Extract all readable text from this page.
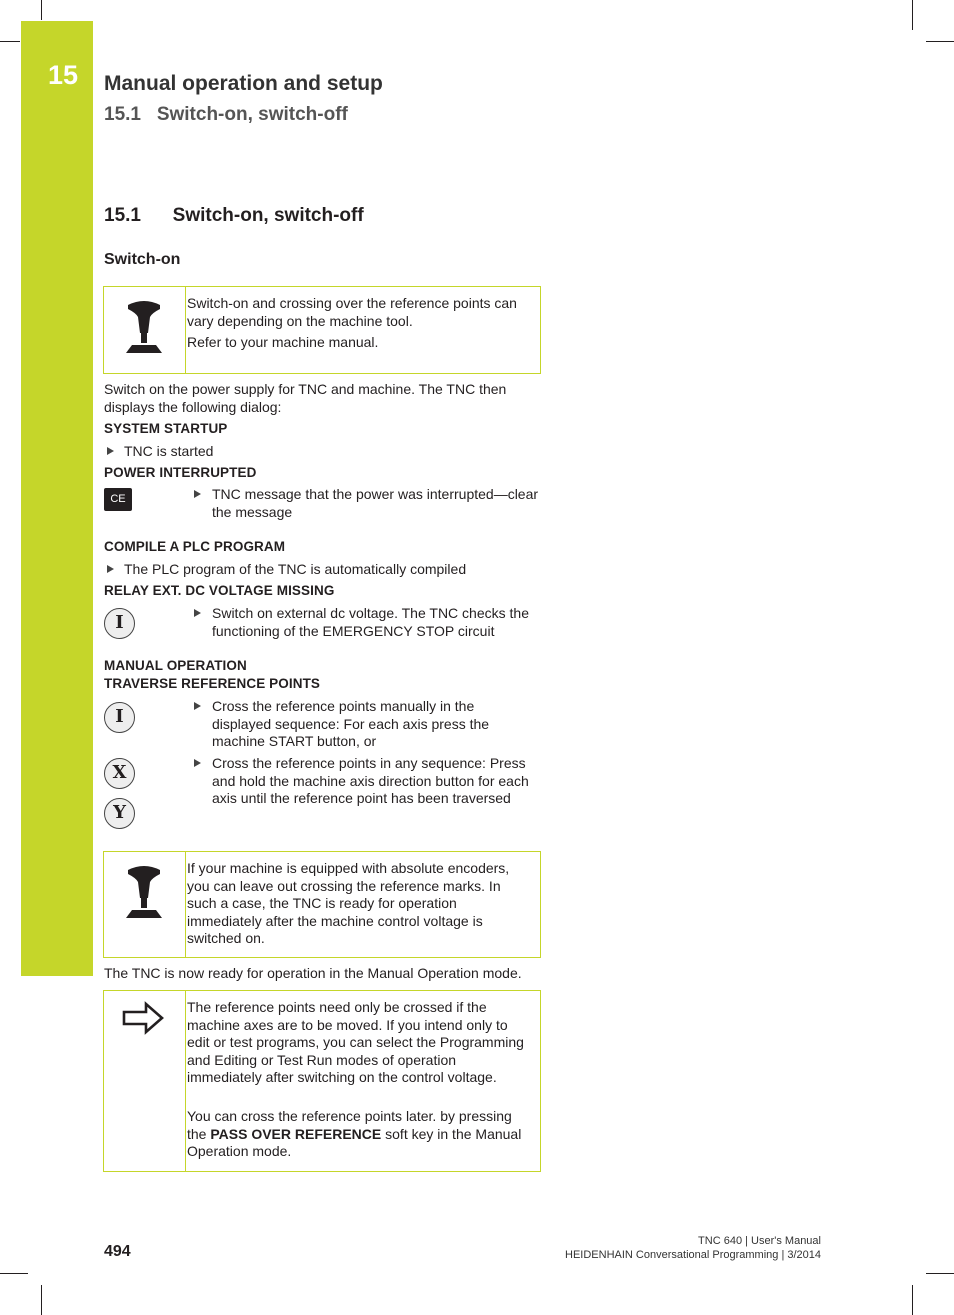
15 Manual operation and setup
15.1   Switch-on, switch-off
15.1      Switch-on, switch-off
Switch-on
Switch-on and crossing over the reference points can vary depending on the machine tool.
Refer to your machine manual.
Switch on the power supply for TNC and machine. The TNC then displays the following dialog:
SYSTEM STARTUP
TNC is started
POWER INTERRUPTED
CE	TNC message that the power was interrupted—clear the message
COMPILE A PLC PROGRAM
The PLC program of the TNC is automatically compiled
RELAY EXT. DC VOLTAGE MISSING
I	Switch on external dc voltage. The TNC checks the functioning of the EMERGENCY STOP circuit
MANUAL OPERATION
TRAVERSE REFERENCE POINTS
I	Cross the reference points manually in the displayed sequence: For each axis press the machine START button, or
X
Y
Cross the reference points in any sequence: Press and hold the machine axis direction button for each axis until the reference point has been traversed
If your machine is equipped with absolute encoders, you can leave out crossing the reference marks. In such a case, the TNC is ready for operation immediately after the machine control voltage is switched on.
The TNC is now ready for operation in the Manual Operation mode.
The reference points need only be crossed if the machine axes are to be moved. If you intend only to edit or test programs, you can select the Programming and Editing or Test Run modes of operation immediately after switching on the control voltage.
You can cross the reference points later. by pressing the PASS OVER REFERENCE soft key in the Manual Operation mode.
494
TNC 640 | User's Manual
HEIDENHAIN Conversational Programming | 3/2014
